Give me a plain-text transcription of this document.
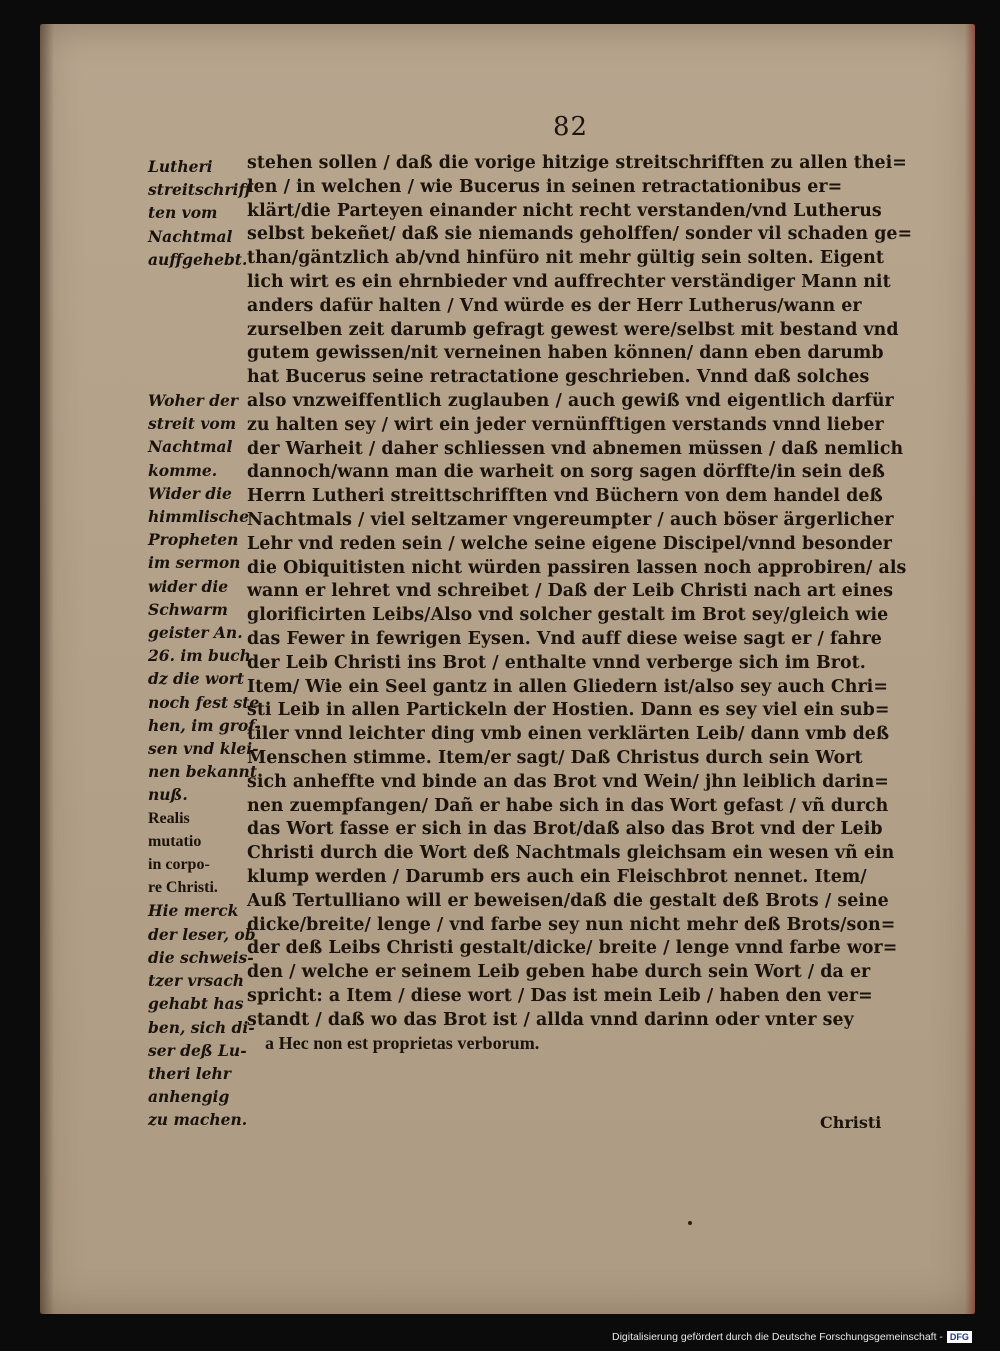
82

Lutheri

streitschriff

ten vom

Nachtmal

auffgehebt.

Woher der

streit vom

Nachtmal

komme.

Wider die

himmlische

Propheten

im sermon

wider die

Schwarm

geister An.

26. im buch

dz die wort

noch fest ste

hen, im grof-

sen vnd klei-

nen bekannt

nuß.

Realis

mutatio

in corpo-

re Christi.

Hie merck

der leser, ob

die schweis-

tzer vrsach

gehabt has

ben, sich di-

ser deß Lu-

theri lehr

anhengig

zu machen.

stehen sollen / daß die vorige hitzige streitschrifften zu allen thei=
len / in welchen / wie Bucerus in seinen retractationibus er=
klärt/die Parteyen einander nicht recht verstanden/vnd Lutherus
selbst bekeñet/ daß sie niemands geholffen/ sonder vil schaden ge=
than/gäntzlich ab/vnd hinfüro nit mehr gültig sein solten. Eigent
lich wirt es ein ehrnbieder vnd auffrechter verständiger Mann nit
anders dafür halten / Vnd würde es der Herr Lutherus/wann er
zurselben zeit darumb gefragt gewest were/selbst mit bestand vnd
gutem gewissen/nit verneinen haben können/ dann eben darumb
hat Bucerus seine retractatione geschrieben. Vnnd daß solches
also vnzweiffentlich zuglauben / auch gewiß vnd eigentlich darfür
zu halten sey / wirt ein jeder vernünfftigen verstands vnnd lieber
der Warheit / daher schliessen vnd abnemen müssen / daß nemlich
dannoch/wann man die warheit on sorg sagen dörffte/in sein deß
Herrn Lutheri streittschrifften vnd Büchern von dem handel deß
Nachtmals / viel seltzamer vngereumpter / auch böser ärgerlicher
Lehr vnd reden sein / welche seine eigene Discipel/vnnd besonder
die Obiquitisten nicht würden passiren lassen noch approbiren/ als
wann er lehret vnd schreibet / Daß der Leib Christi nach art eines
glorificirten Leibs/Also vnd solcher gestalt im Brot sey/gleich wie
das Fewer in fewrigen Eysen. Vnd auff diese weise sagt er / fahre
der Leib Christi ins Brot / enthalte vnnd verberge sich im Brot.
Item/ Wie ein Seel gantz in allen Gliedern ist/also sey auch Chri=
sti Leib in allen Partickeln der Hostien. Dann es sey viel ein sub=
tiler vnnd leichter ding vmb einen verklärten Leib/ dann vmb deß
Menschen stimme. Item/er sagt/ Daß Christus durch sein Wort
sich anheffte vnd binde an das Brot vnd Wein/ jhn leiblich darin=
nen zuempfangen/ Dañ er habe sich in das Wort gefast / vñ durch
das Wort fasse er sich in das Brot/daß also das Brot vnd der Leib
Christi durch die Wort deß Nachtmals gleichsam ein wesen vñ ein
klump werden / Darumb ers auch ein Fleischbrot nennet. Item/
Auß Tertulliano will er beweisen/daß die gestalt deß Brots / seine
dicke/breite/ lenge / vnd farbe sey nun nicht mehr deß Brots/son=
der deß Leibs Christi gestalt/dicke/ breite / lenge vnnd farbe wor=
den / welche er seinem Leib geben habe durch sein Wort / da er
spricht: a Item / diese wort / Das ist mein Leib / haben den ver=
standt / daß wo das Brot ist / allda vnnd darinn oder vnter sey
a Hec non est proprietas verborum.
Christi
Digitalisierung gefördert durch die Deutsche Forschungsgemeinschaft - DFG
